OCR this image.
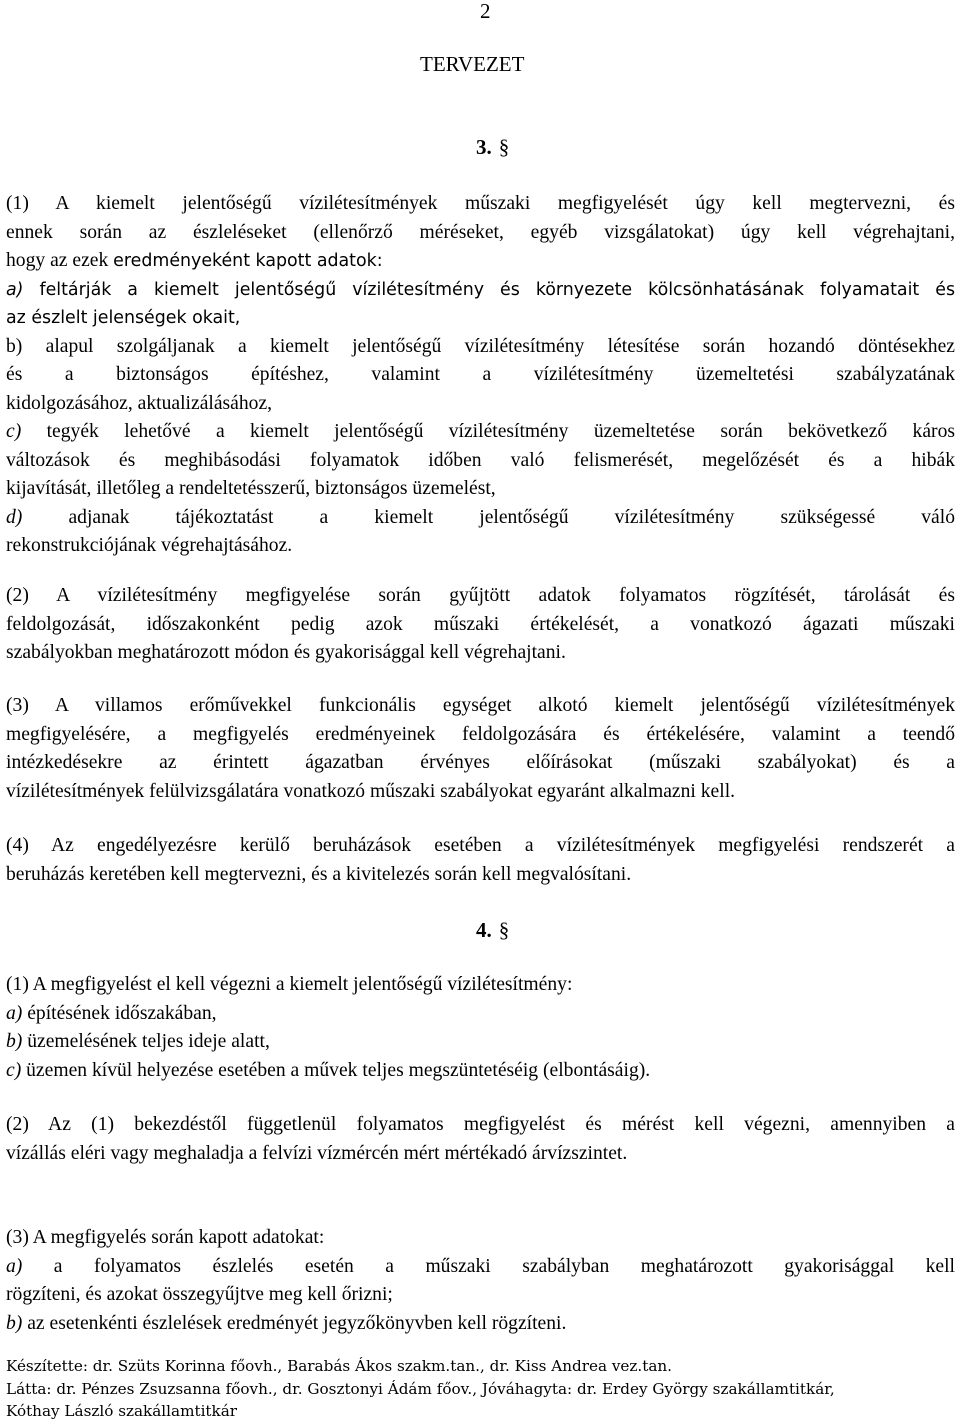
2
TERVEZET
3. §

(1) A kiemelt jelentőségű vízilétesítmények műszaki megfigyelését úgy kell megtervezni, és

ennek során az észleléseket (ellenőrző méréseket, egyéb vizsgálatokat) úgy kell végrehajtani,

hogy az ezek eredményeként kapott adatok:

a) feltárják a kiemelt jelentőségű vízilétesítmény és környezete kölcsönhatásának folyamatait és

az észlelt jelenségek okait,

b) alapul szolgáljanak a kiemelt jelentőségű vízilétesítmény létesítése során hozandó döntésekhez

és a biztonságos építéshez, valamint a vízilétesítmény üzemeltetési szabályzatának

kidolgozásához, aktualizálásához,

c) tegyék lehetővé a kiemelt jelentőségű vízilétesítmény üzemeltetése során bekövetkező káros

változások és meghibásodási folyamatok időben való felismerését, megelőzését és a hibák

kijavítását, illetőleg a rendeltetésszerű, biztonságos üzemelést,

d) adjanak tájékoztatást a kiemelt jelentőségű vízilétesítmény szükségessé váló

rekonstrukciójának végrehajtásához.

(2) A vízilétesítmény megfigyelése során gyűjtött adatok folyamatos rögzítését, tárolását és

feldolgozását, időszakonként pedig azok műszaki értékelését, a vonatkozó ágazati műszaki

szabályokban meghatározott módon és gyakorisággal kell végrehajtani.

(3) A villamos erőművekkel funkcionális egységet alkotó kiemelt jelentőségű vízilétesítmények

megfigyelésére, a megfigyelés eredményeinek feldolgozására és értékelésére, valamint a teendő

intézkedésekre az érintett ágazatban érvényes előírásokat (műszaki szabályokat) és a

vízilétesítmények felülvizsgálatára vonatkozó műszaki szabályokat egyaránt alkalmazni kell.

(4) Az engedélyezésre kerülő beruházások esetében a vízilétesítmények megfigyelési rendszerét a

beruházás keretében kell megtervezni, és a kivitelezés során kell megvalósítani.

4. §

(1) A megfigyelést el kell végezni a kiemelt jelentőségű vízilétesítmény:

a) építésének időszakában,

b) üzemelésének teljes ideje alatt,

c) üzemen kívül helyezése esetében a művek teljes megszüntetéséig (elbontásáig).

(2) Az (1) bekezdéstől függetlenül folyamatos megfigyelést és mérést kell végezni, amennyiben a

vízállás eléri vagy meghaladja a felvízi vízmércén mért mértékadó árvízszintet.

(3) A megfigyelés során kapott adatokat:

a) a folyamatos észlelés esetén a műszaki szabályban meghatározott gyakorisággal kell

rögzíteni, és azokat összegyűjtve meg kell őrizni;

b) az esetenkénti észlelések eredményét jegyzőkönyvben kell rögzíteni.

Készítette: dr. Szüts Korinna főovh., Barabás Ákos szakm.tan., dr. Kiss Andrea vez.tan.

Látta: dr. Pénzes Zsuzsanna főovh., dr. Gosztonyi Ádám főov., Jóváhagyta: dr. Erdey György szakállamtitkár,

Kóthay László szakállamtitkár
